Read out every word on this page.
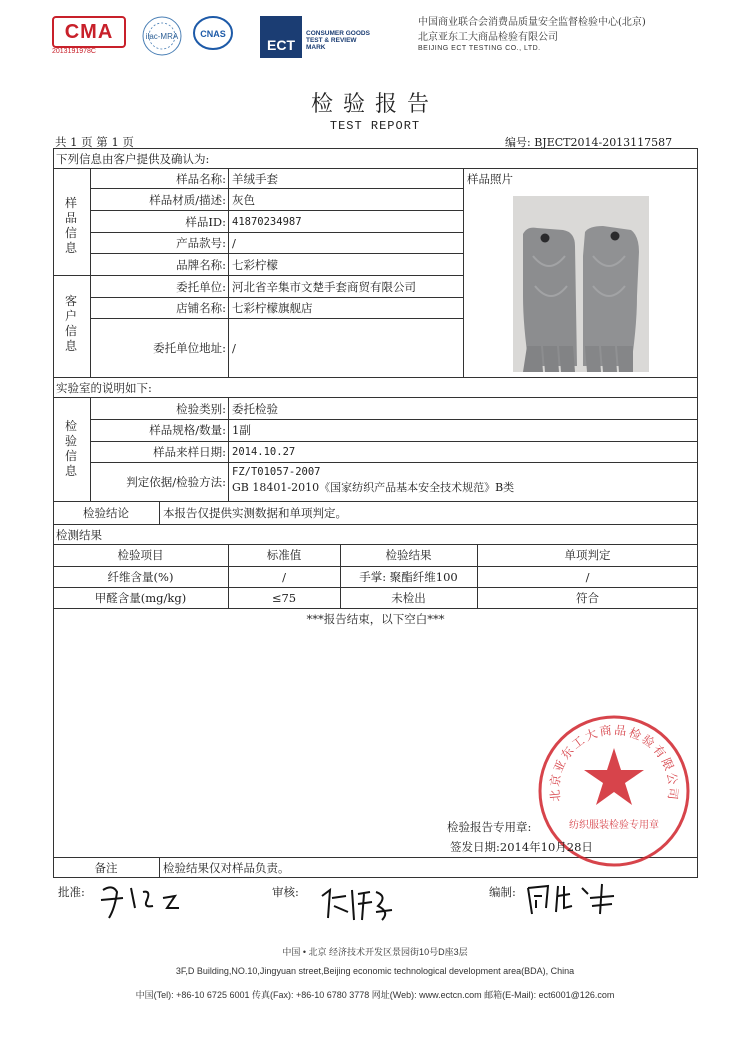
CMA
2013191978C
ilac-MRA CNAS
ECT
CONSUMER GOODS
TEST & REVIEW
MARK
中国商业联合会消费品质量安全监督检验中心(北京)
北京亚东工大商品检验有限公司
BEIJING ECT TESTING CO., LTD.
检验报告
TEST REPORT
共 1 页 第 1 页	编号: BJECT2014-2013117587
下列信息由客户提供及确认为:
样品信息
样品名称: 羊绒手套
样品材质/描述: 灰色
样品ID: 41870234987
产品款号: /
品牌名称: 七彩柠檬
样品照片
客户信息
委托单位: 河北省辛集市文楚手套商贸有限公司
店铺名称: 七彩柠檬旗舰店
委托单位地址: /
实验室的说明如下:
检验信息
检验类别: 委托检验
样品规格/数量: 1副
样品来样日期: 2014.10.27
判定依据/检验方法:
FZ/T01057-2007
GB 18401-2010《国家纺织产品基本安全技术规范》B类
检验结论	本报告仅提供实测数据和单项判定。
检测结果
检验项目	标准值	检验结果	单项判定
纤维含量(%)	/	手掌: 聚酯纤维100	/
甲醛含量(mg/kg)	≤75	未检出	符合
***报告结束，以下空白***
北京亚东工大商品检验有限公司
纺织服装检验专用章
检验报告专用章:
签发日期:2014年10月28日
备注	检验结果仅对样品负责。
批准:	审核:	编制:
中国 • 北京 经济技术开发区景园街10号D座3层
3F,D Building,NO.10,Jingyuan street,Beijing economic technological development area(BDA), China
中国(Tel): +86-10 6725 6001 传真(Fax): +86-10 6780 3778 网址(Web): www.ectcn.com 邮箱(E-Mail): ect6001@126.com
